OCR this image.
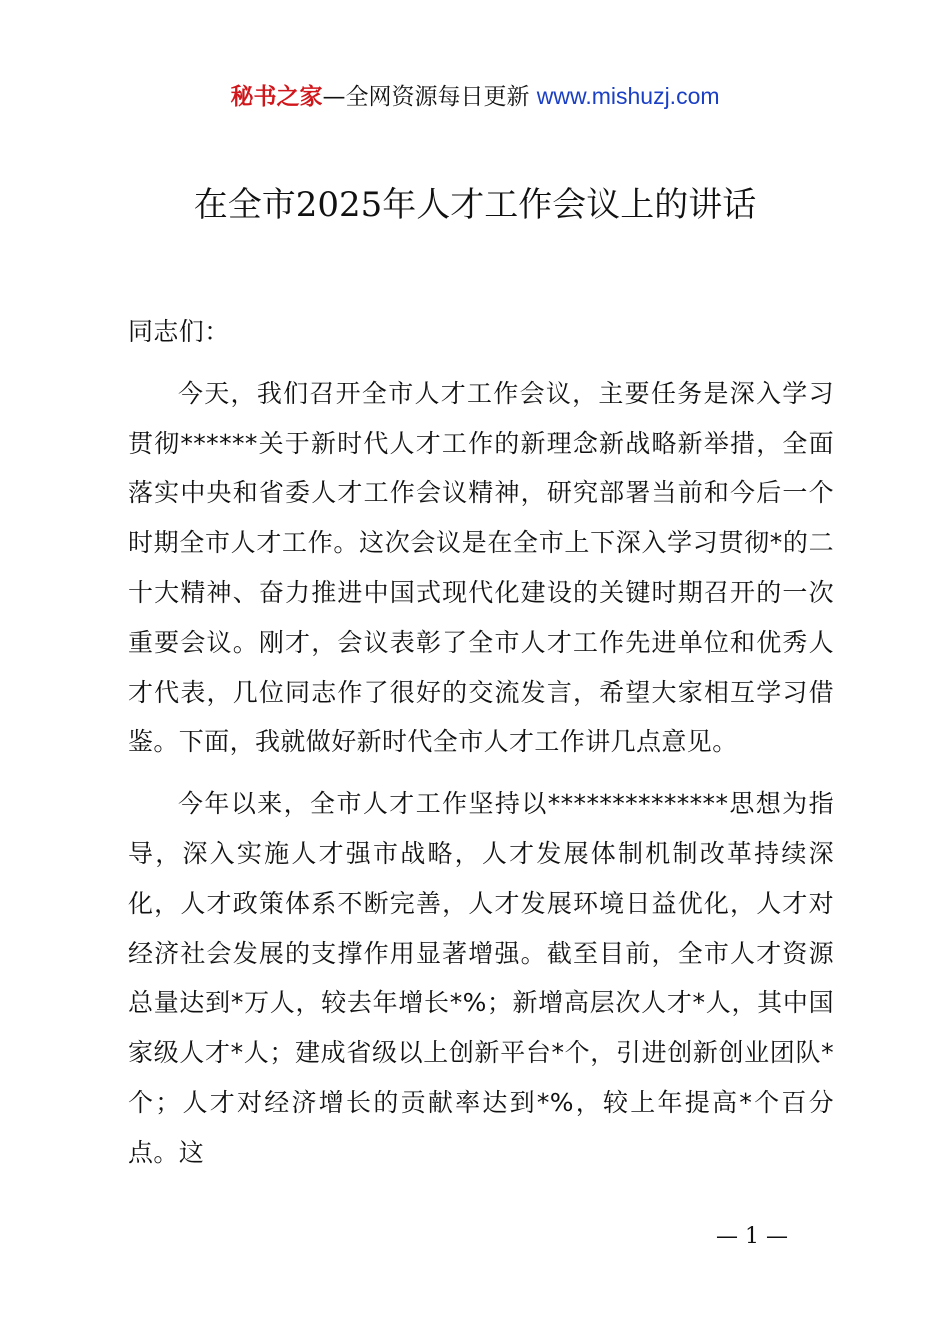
秘书之家—全网资源每日更新 www.mishuzj.com
在全市2025年人才工作会议上的讲话

同志们：

今天，我们召开全市人才工作会议，主要任务是深入学习贯彻******关于新时代人才工作的新理念新战略新举措，全面落实中央和省委人才工作会议精神，研究部署当前和今后一个时期全市人才工作。这次会议是在全市上下深入学习贯彻*的二十大精神、奋力推进中国式现代化建设的关键时期召开的一次重要会议。刚才，会议表彰了全市人才工作先进单位和优秀人才代表，几位同志作了很好的交流发言，希望大家相互学习借鉴。下面，我就做好新时代全市人才工作讲几点意见。

今年以来，全市人才工作坚持以**************思想为指导，深入实施人才强市战略，人才发展体制机制改革持续深化，人才政策体系不断完善，人才发展环境日益优化，人才对经济社会发展的支撑作用显著增强。截至目前，全市人才资源总量达到*万人，较去年增长*%；新增高层次人才*人，其中国家级人才*人；建成省级以上创新平台*个，引进创新创业团队*个；人才对经济增长的贡献率达到*%，较上年提高*个百分点。这

— 1 —
